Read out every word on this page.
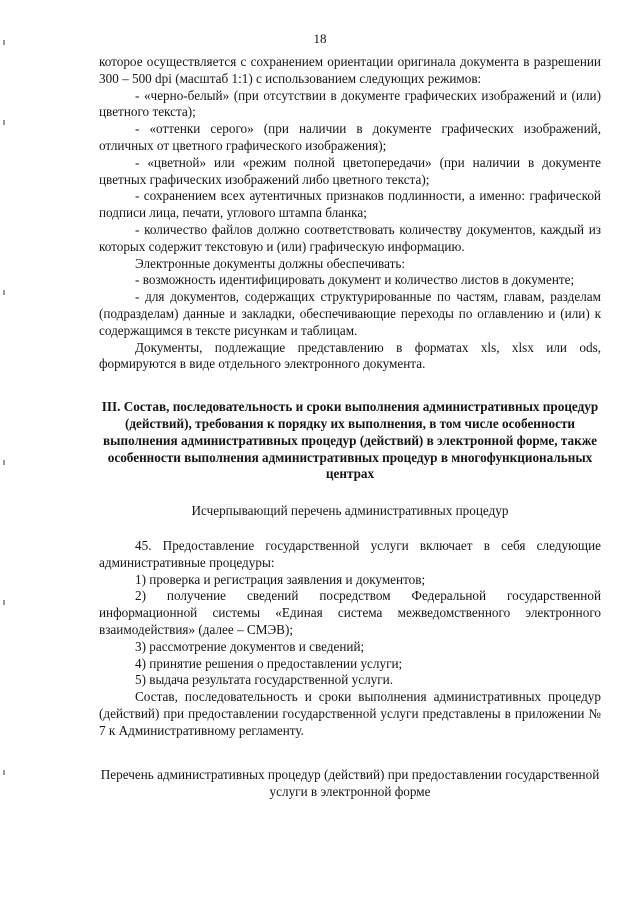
18

которое осуществляется с сохранением ориентации оригинала документа в разрешении 300 – 500 dpi (масштаб 1:1) с использованием следующих режимов:

- «черно-белый» (при отсутствии в документе графических изображений и (или) цветного текста);

- «оттенки серого» (при наличии в документе графических изображений, отличных от цветного графического изображения);

- «цветной» или «режим полной цветопередачи» (при наличии в документе цветных графических изображений либо цветного текста);

- сохранением всех аутентичных признаков подлинности, а именно: графической подписи лица, печати, углового штампа бланка;

- количество файлов должно соответствовать количеству документов, каждый из которых содержит текстовую и (или) графическую информацию.

Электронные документы должны обеспечивать:

- возможность идентифицировать документ и количество листов в документе;

- для документов, содержащих структурированные по частям, главам, разделам (подразделам) данные и закладки, обеспечивающие переходы по оглавлению и (или) к содержащимся в тексте рисункам и таблицам.

Документы, подлежащие представлению в форматах xls, xlsx или ods, формируются в виде отдельного электронного документа.

III. Состав, последовательность и сроки выполнения административных процедур (действий), требования к порядку их выполнения, в том числе особенности выполнения административных процедур (действий) в электронной форме, также особенности выполнения административных процедур в многофункциональных центрах

Исчерпывающий перечень административных процедур

45. Предоставление государственной услуги включает в себя следующие административные процедуры:

1) проверка и регистрация заявления и документов;

2) получение сведений посредством Федеральной государственной информационной системы «Единая система межведомственного электронного взаимодействия» (далее – СМЭВ);

3) рассмотрение документов и сведений;

4) принятие решения о предоставлении услуги;

5) выдача результата государственной услуги.

Состав, последовательность и сроки выполнения административных процедур (действий) при предоставлении государственной услуги представлены в приложении № 7 к Административному регламенту.

Перечень административных процедур (действий) при предоставлении государственной услуги в электронной форме
